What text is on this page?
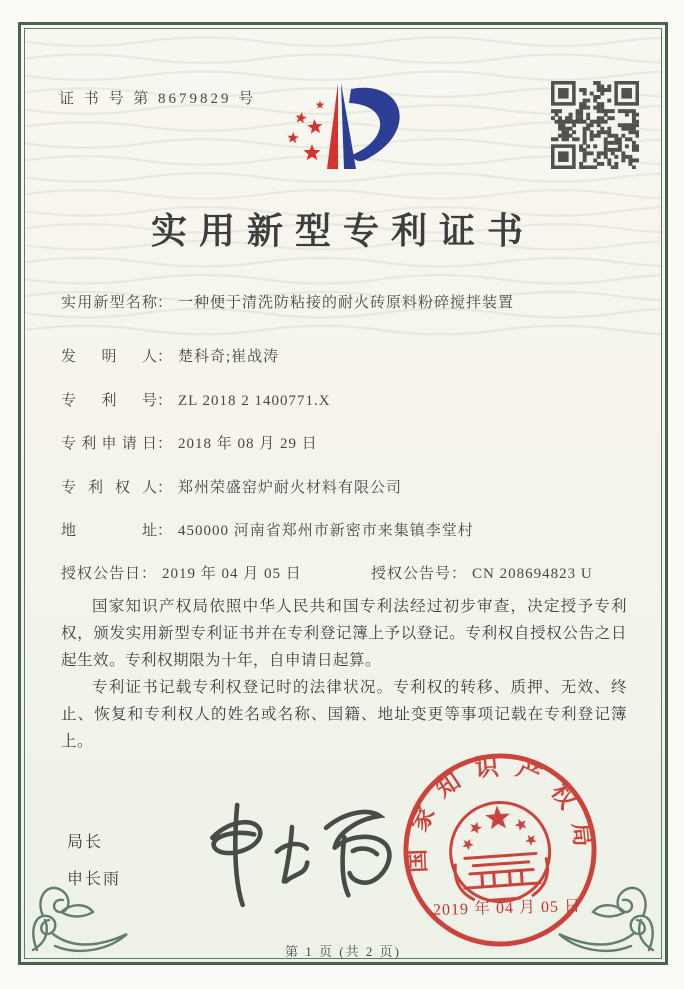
证 书 号 第 8679829 号
实用新型专利证书
实用新型名称： 一种便于清洗防粘接的耐火砖原料粉碎搅拌装置
发明人： 楚科奇;崔战涛
专利号： ZL 2018 2 1400771.X
专利申请日： 2018 年 08 月 29 日
专利权人： 郑州荣盛窑炉耐火材料有限公司
地址： 450000 河南省郑州市新密市来集镇李堂村
授权公告日： 2019 年 04 月 05 日	授权公告号： CN 208694823 U

国家知识产权局依照中华人民共和国专利法经过初步审查，决定授予专利权，颁发实用新型专利证书并在专利登记簿上予以登记。专利权自授权公告之日起生效。专利权期限为十年，自申请日起算。

专利证书记载专利权登记时的法律状况。专利权的转移、质押、无效、终止、恢复和专利权人的姓名或名称、国籍、地址变更等事项记载在专利登记簿上。

局长
申长雨
国家知识产权局
2019 年 04 月 05 日
第 1 页 (共 2 页)
